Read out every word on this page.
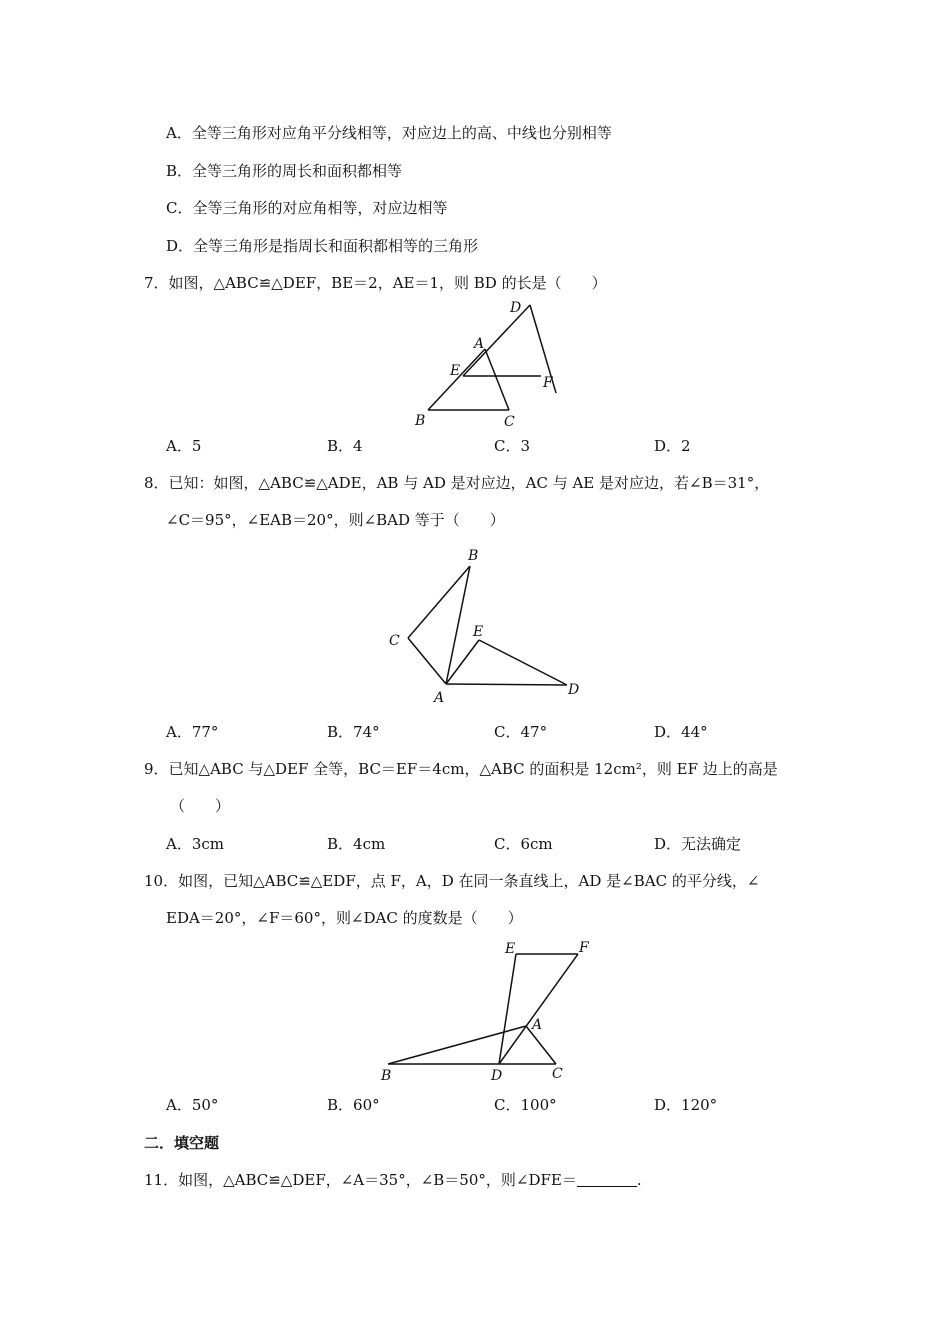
A．全等三角形对应角平分线相等，对应边上的高、中线也分别相等
B．全等三角形的周长和面积都相等
C．全等三角形的对应角相等，对应边相等
D．全等三角形是指周长和面积都相等的三角形
7．如图，△ABC≌△DEF，BE＝2，AE＝1，则 BD 的长是（　　）
D
A
E
F
B	C
A．5	B．4	C．3	D．2
8．已知：如图，△ABC≌△ADE，AB 与 AD 是对应边，AC 与 AE 是对应边，若∠B＝31°，
∠C＝95°，∠EAB＝20°，则∠BAD 等于（　　）
B
C
E
A	D
A．77°	B．74°	C．47°	D．44°
9．已知△ABC 与△DEF 全等，BC＝EF＝4cm，△ABC 的面积是 12cm²，则 EF 边上的高是
（　　）
A．3cm	B．4cm	C．6cm	D．无法确定
10．如图，已知△ABC≌△EDF，点 F，A，D 在同一条直线上，AD 是∠BAC 的平分线，∠
EDA＝20°，∠F＝60°，则∠DAC 的度数是（　　）
E	F
A
B	D	C
A．50°	B．60°	C．100°	D．120°
二．填空题
11．如图，△ABC≌△DEF，∠A＝35°，∠B＝50°，则∠DFE＝	.
